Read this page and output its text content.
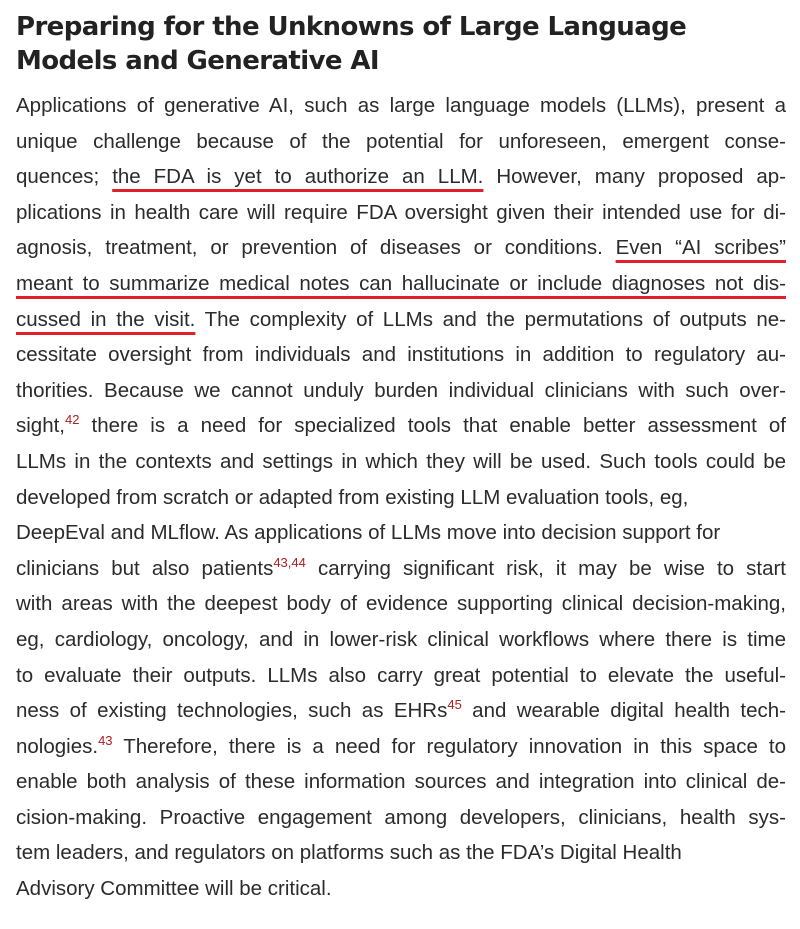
Preparing for the Unknowns of Large Language Models and Generative AI
Applications of generative AI, such as large language models (LLMs), present a
unique challenge because of the potential for unforeseen, emergent conse-
quences; the FDA is yet to authorize an LLM. However, many proposed ap-
plications in health care will require FDA oversight given their intended use for di-
agnosis, treatment, or prevention of diseases or conditions. Even “AI scribes”
meant to summarize medical notes can hallucinate or include diagnoses not dis-
cussed in the visit. The complexity of LLMs and the permutations of outputs ne-
cessitate oversight from individuals and institutions in addition to regulatory au-
thorities. Because we cannot unduly burden individual clinicians with such over-
sight,$^{42}$ there is a need for specialized tools that enable better assessment of
LLMs in the contexts and settings in which they will be used. Such tools could be
developed from scratch or adapted from existing LLM evaluation tools, eg,
DeepEval and MLflow. As applications of LLMs move into decision support for
clinicians but also patients$^{43,44}$ carrying significant risk, it may be wise to start
with areas with the deepest body of evidence supporting clinical decision-making,
eg, cardiology, oncology, and in lower-risk clinical workflows where there is time
to evaluate their outputs. LLMs also carry great potential to elevate the useful-
ness of existing technologies, such as EHRs$^{45}$ and wearable digital health tech-
nologies.$^{43}$ Therefore, there is a need for regulatory innovation in this space to
enable both analysis of these information sources and integration into clinical de-
cision-making. Proactive engagement among developers, clinicians, health sys-
tem leaders, and regulators on platforms such as the FDA’s Digital Health
Advisory Committee will be critical.
